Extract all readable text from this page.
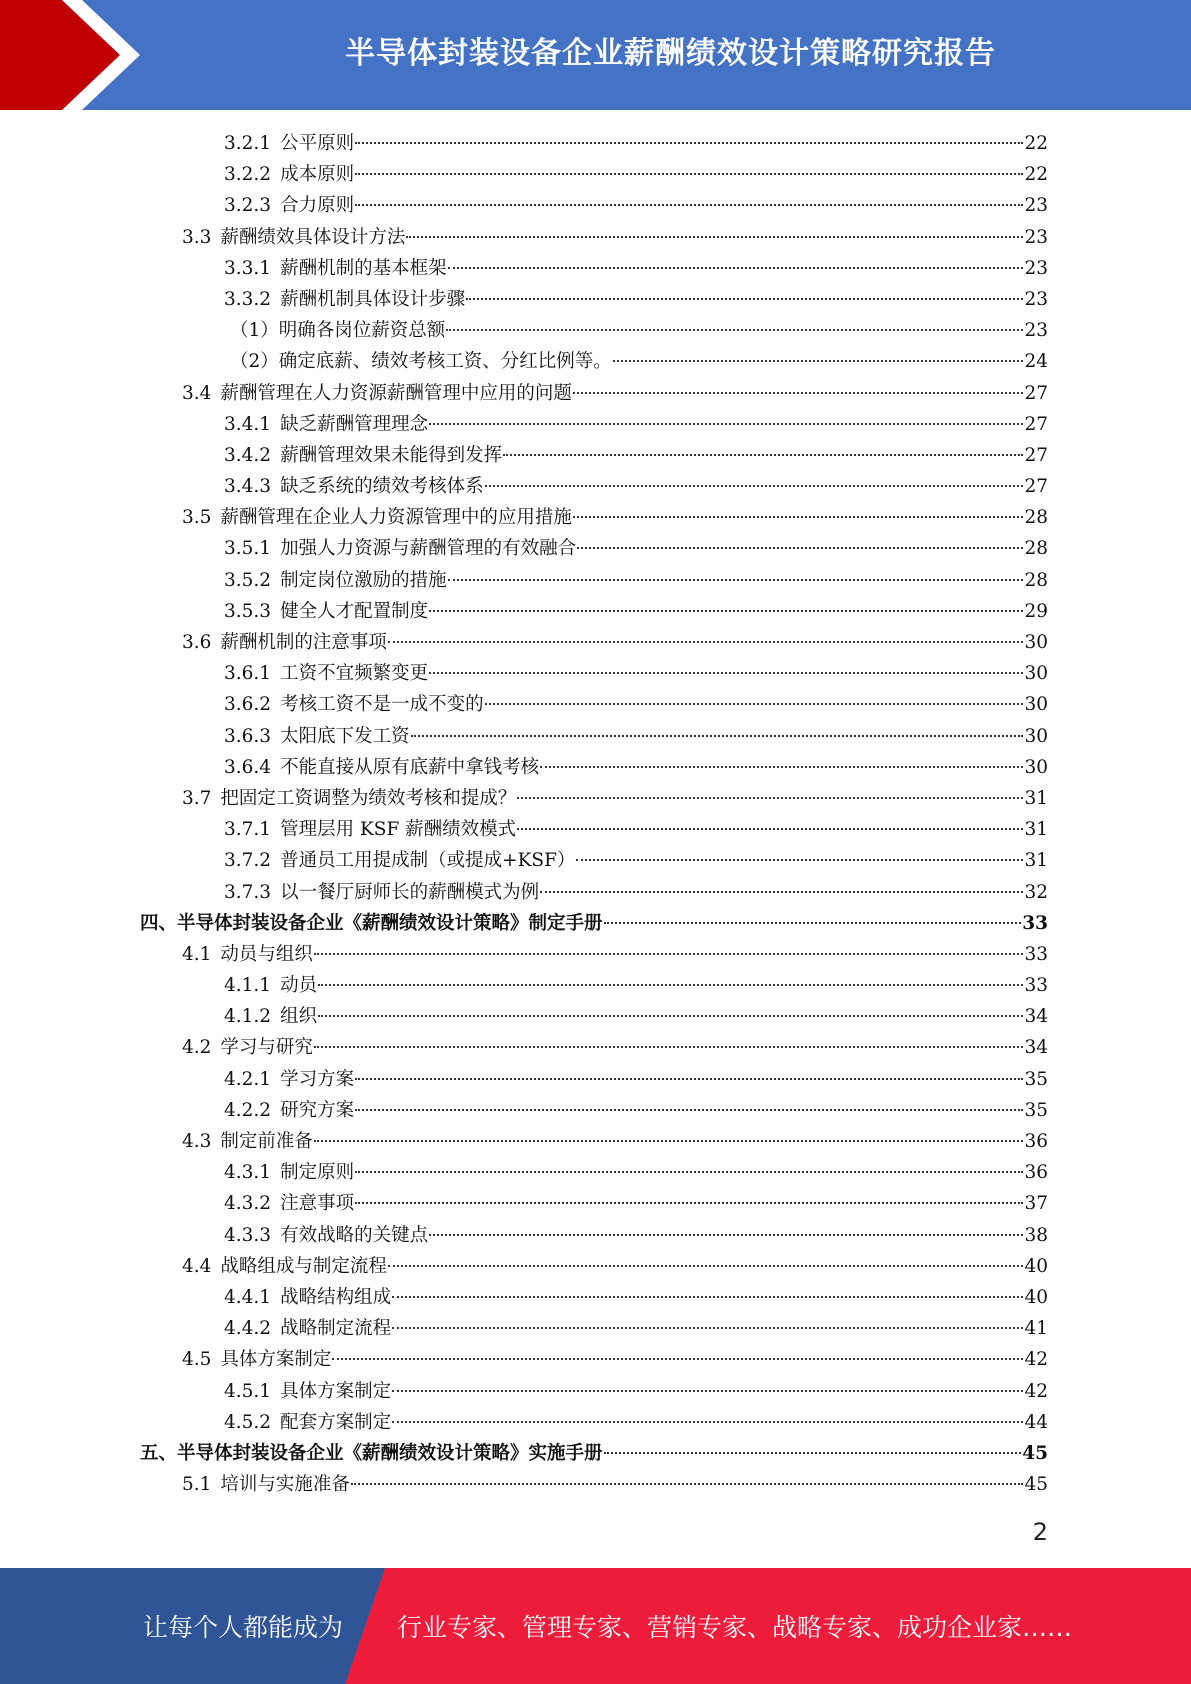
半导体封装设备企业薪酬绩效设计策略研究报告
3.2.1 公平原则	22
3.2.2 成本原则	22
3.2.3 合力原则	23
3.3 薪酬绩效具体设计方法	23
3.3.1 薪酬机制的基本框架	23
3.3.2 薪酬机制具体设计步骤	23
（1）明确各岗位薪资总额	23
（2）确定底薪、绩效考核工资、分红比例等。	24
3.4 薪酬管理在人力资源薪酬管理中应用的问题	27
3.4.1 缺乏薪酬管理理念	27
3.4.2 薪酬管理效果未能得到发挥	27
3.4.3 缺乏系统的绩效考核体系	27
3.5 薪酬管理在企业人力资源管理中的应用措施	28
3.5.1 加强人力资源与薪酬管理的有效融合	28
3.5.2 制定岗位激励的措施	28
3.5.3 健全人才配置制度	29
3.6 薪酬机制的注意事项	30
3.6.1 工资不宜频繁变更	30
3.6.2 考核工资不是一成不变的	30
3.6.3 太阳底下发工资	30
3.6.4 不能直接从原有底薪中拿钱考核	30
3.7 把固定工资调整为绩效考核和提成？	31
3.7.1 管理层用 KSF 薪酬绩效模式	31
3.7.2 普通员工用提成制（或提成+KSF）	31
3.7.3 以一餐厅厨师长的薪酬模式为例	32
四、半导体封装设备企业《薪酬绩效设计策略》制定手册	33
4.1 动员与组织	33
4.1.1 动员	33
4.1.2 组织	34
4.2 学习与研究	34
4.2.1 学习方案	35
4.2.2 研究方案	35
4.3 制定前准备	36
4.3.1 制定原则	36
4.3.2 注意事项	37
4.3.3 有效战略的关键点	38
4.4 战略组成与制定流程	40
4.4.1 战略结构组成	40
4.4.2 战略制定流程	41
4.5 具体方案制定	42
4.5.1 具体方案制定	42
4.5.2 配套方案制定	44
五、半导体封装设备企业《薪酬绩效设计策略》实施手册	45
5.1 培训与实施准备	45
2
让每个人都能成为 行业专家、管理专家、营销专家、战略专家、成功企业家……
